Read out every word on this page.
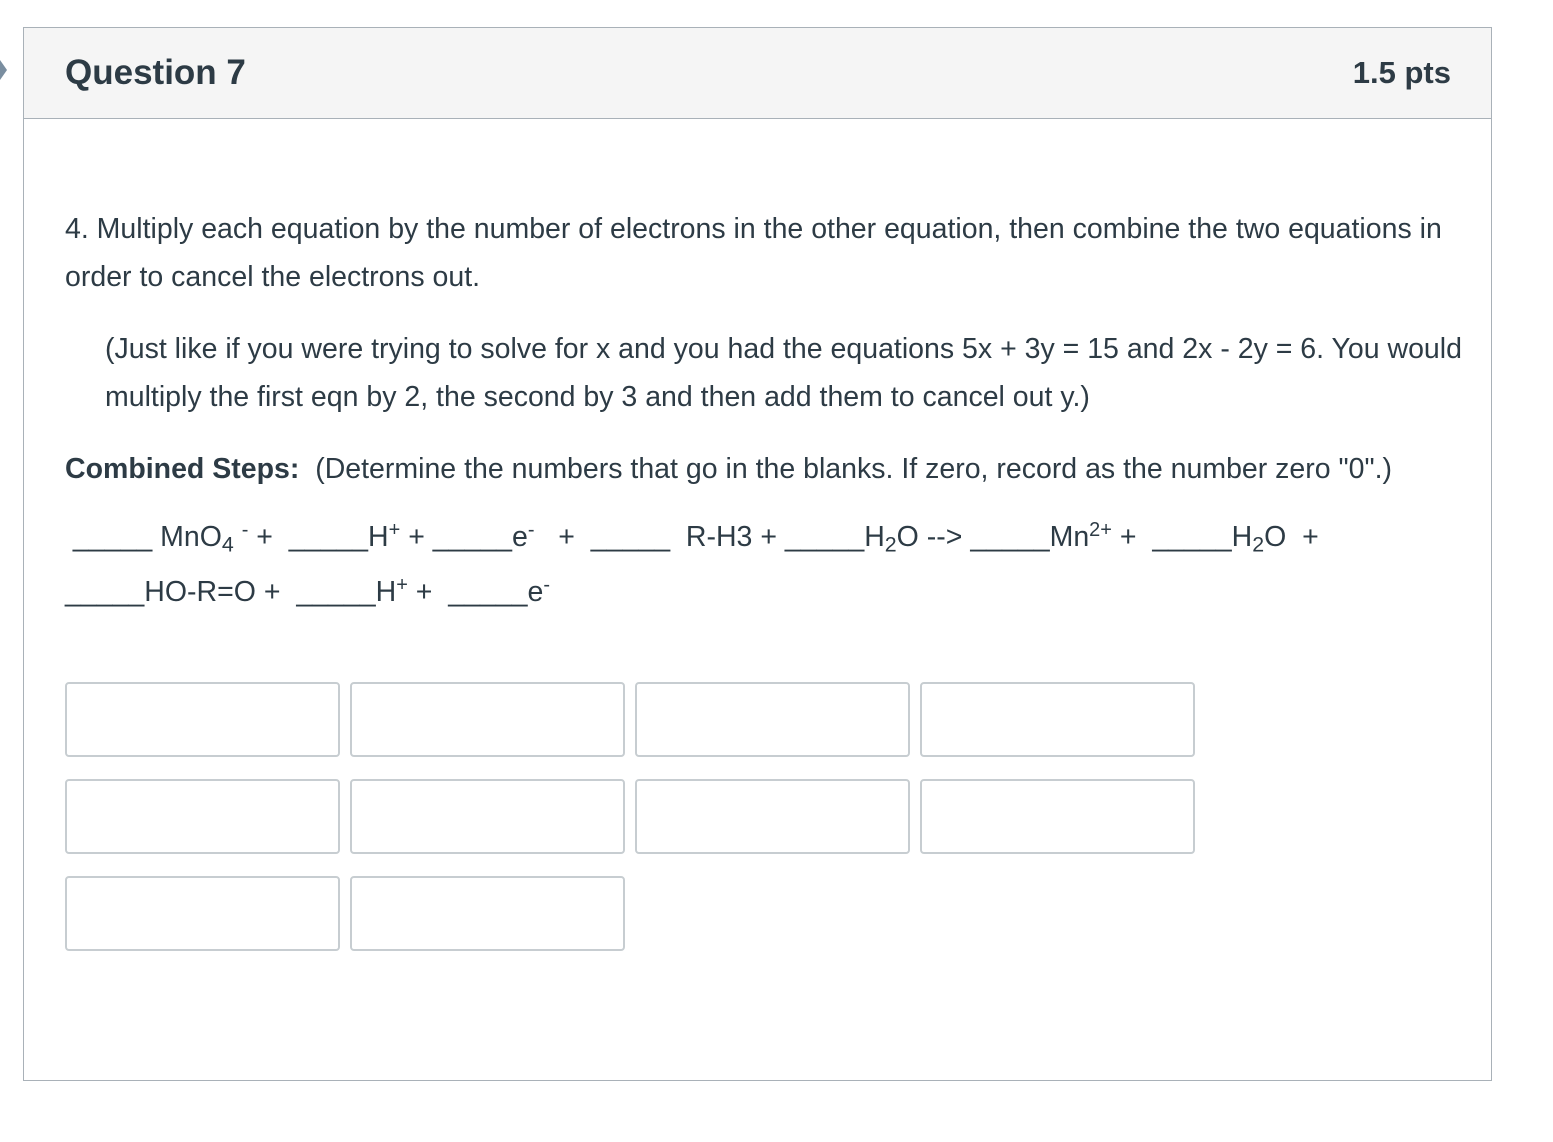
Question 7	1.5 pts

4. Multiply each equation by the number of electrons in the other equation, then combine the two equations in order to cancel the electrons out.

(Just like if you were trying to solve for x and you had the equations 5x + 3y = 15 and 2x - 2y = 6. You would multiply the first eqn by 2, the second by 3 and then add them to cancel out y.)

Combined Steps: (Determine the numbers that go in the blanks. If zero, record as the number zero "0".)

_____ MnO$_4$ - + _____H+ + _____e- + _____ $R-H3 + \_\_\_\_\_H_2O$ --> $\_\_\_\_\_Mn^{2+}$ + $\_\_\_\_\_H_2O$ +
_____HO-R=O + _____H+ + _____e-
